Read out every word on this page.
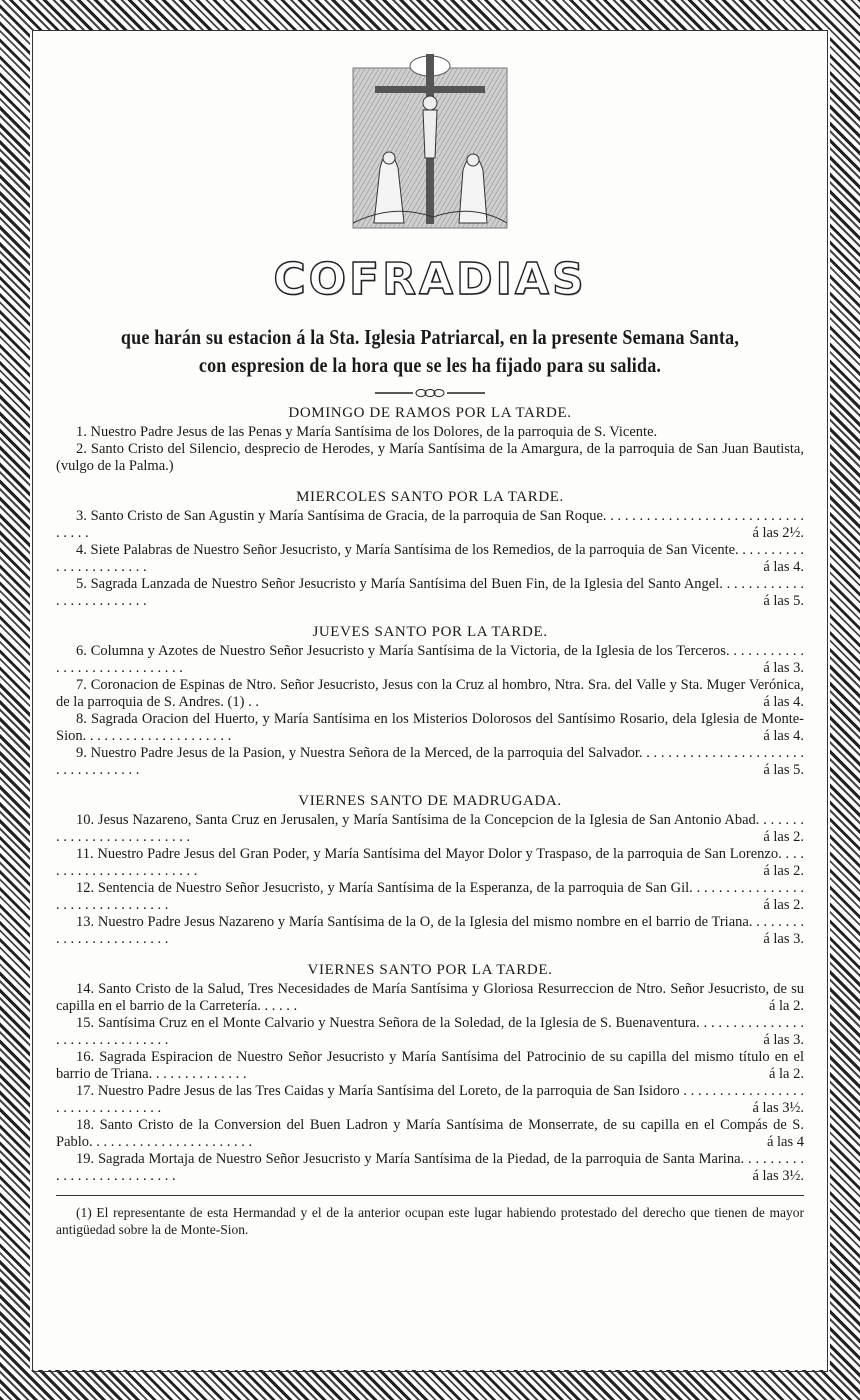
COFRADIAS
que harán su estacion á la Sta. Iglesia Patriarcal, en la presente Semana Santa,
con espresion de la hora que se les ha fijado para su salida.
DOMINGO DE RAMOS POR LA TARDE.
1. Nuestro Padre Jesus de las Penas y María Santísima de los Dolores, de la parroquia de S. Vicente.
2. Santo Cristo del Silencio, desprecio de Herodes, y María Santísima de la Amargura, de la parroquia de San Juan Bautista, (vulgo de la Palma.)
MIERCOLES SANTO POR LA TARDE.
3. Santo Cristo de San Agustin y María Santísima de Gracia, de la parroquia de San Roque. . . . . . . . . . . . . . . . . . . . . . . . . . . . . . . . .	á las 2½.
4. Siete Palabras de Nuestro Señor Jesucristo, y María Santísima de los Remedios, de la parroquia de San Vicente. . . . . . . . . . . . . . . . . . . . . . .	á las 4.
5. Sagrada Lanzada de Nuestro Señor Jesucristo y María Santísima del Buen Fin, de la Iglesia del Santo Angel. . . . . . . . . . . . . . . . . . . . . . . . .	á las 5.
JUEVES SANTO POR LA TARDE.
6. Columna y Azotes de Nuestro Señor Jesucristo y María Santísima de la Victoria, de la Iglesia de los Terceros. . . . . . . . . . . . . . . . . . . . . . . . . . . . .	á las 3.
7. Coronacion de Espinas de Ntro. Señor Jesucristo, Jesus con la Cruz al hombro, Ntra. Sra. del Valle y Sta. Muger Verónica, de la parroquia de S. Andres. (1) . .	á las 4.
8. Sagrada Oracion del Huerto, y María Santísima en los Misterios Dolorosos del Santísimo Rosario, dela Iglesia de Monte-Sion. . . . . . . . . . . . . . . . . . . . .	á las 4.
9. Nuestro Padre Jesus de la Pasion, y Nuestra Señora de la Merced, de la parroquia del Salvador. . . . . . . . . . . . . . . . . . . . . . . . . . . . . . . . . . .	á las 5.
VIERNES SANTO DE MADRUGADA.
10. Jesus Nazareno, Santa Cruz en Jerusalen, y María Santísima de la Concepcion de la Iglesia de San Antonio Abad. . . . . . . . . . . . . . . . . . . . . . . . . .	á las 2.
11. Nuestro Padre Jesus del Gran Poder, y María Santísima del Mayor Dolor y Traspaso, de la parroquia de San Lorenzo. . . . . . . . . . . . . . . . . . . . . . . .	á las 2.
12. Sentencia de Nuestro Señor Jesucristo, y María Santísima de la Esperanza, de la parroquia de San Gil. . . . . . . . . . . . . . . . . . . . . . . . . . . . . . . .	á las 2.
13. Nuestro Padre Jesus Nazareno y María Santísima de la O, de la Iglesia del mismo nombre en el barrio de Triana. . . . . . . . . . . . . . . . . . . . . . . .	á las 3.
VIERNES SANTO POR LA TARDE.
14. Santo Cristo de la Salud, Tres Necesidades de María Santísima y Gloriosa Resurreccion de Ntro. Señor Jesucristo, de su capilla en el barrio de la Carretería. . . . . .	á la 2.
15. Santísima Cruz en el Monte Calvario y Nuestra Señora de la Soledad, de la Iglesia de S. Buenaventura. . . . . . . . . . . . . . . . . . . . . . . . . . . . . . .	á las 3.
16. Sagrada Espiracion de Nuestro Señor Jesucristo y María Santísima del Patrocinio de su capilla del mismo título en el barrio de Triana. . . . . . . . . . . . . .	á la 2.
17. Nuestro Padre Jesus de las Tres Caidas y María Santísima del Loreto, de la parroquia de San Isidoro . . . . . . . . . . . . . . . . . . . . . . . . . . . . . . . .	á las 3½.
18. Santo Cristo de la Conversion del Buen Ladron y María Santísima de Monserrate, de su capilla en el Compás de S. Pablo. . . . . . . . . . . . . . . . . . . . . . .	á las 4
19. Sagrada Mortaja de Nuestro Señor Jesucristo y María Santísima de la Piedad, de la parroquia de Santa Marina. . . . . . . . . . . . . . . . . . . . . . . . . .	á las 3½.
(1) El representante de esta Hermandad y el de la anterior ocupan este lugar habiendo protestado del derecho que tienen de mayor antigüedad sobre la de Monte-Sion.
